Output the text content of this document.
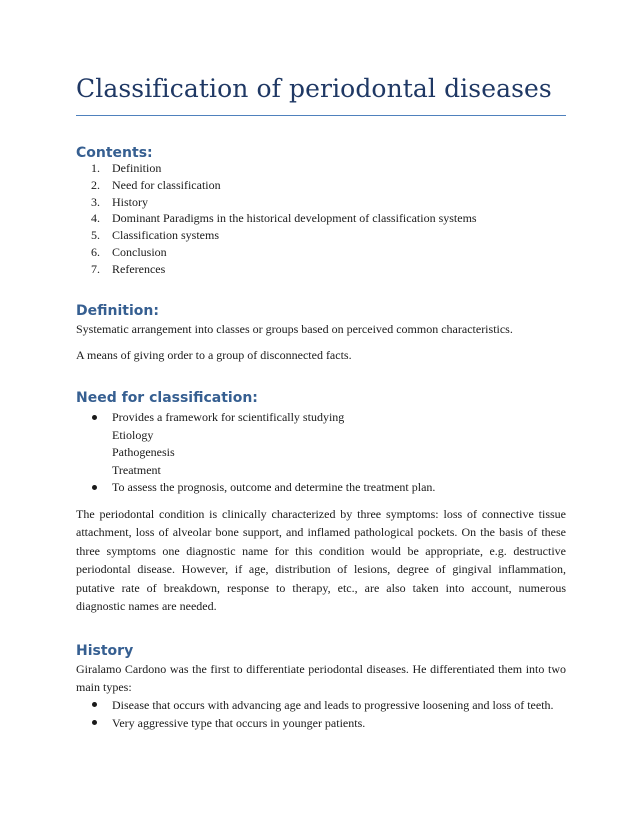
Classification of periodontal diseases
Contents:
1. Definition
2. Need for classification
3. History
4. Dominant Paradigms in the historical development of classification systems
5. Classification systems
6. Conclusion
7. References
Definition:
Systematic arrangement into classes or groups based on perceived common characteristics.
A means of giving order to a group of disconnected facts.
Need for classification:
Provides a framework for scientifically studying
Etiology
Pathogenesis
Treatment
To assess the prognosis, outcome and determine the treatment plan.
The periodontal condition is clinically characterized by three symptoms: loss of connective tissue attachment, loss of alveolar bone support, and inflamed pathological pockets. On the basis of these three symptoms one diagnostic name for this condition would be appropriate, e.g. destructive periodontal disease. However, if age, distribution of lesions, degree of gingival inflammation, putative rate of breakdown, response to therapy, etc., are also taken into account, numerous diagnostic names are needed.
History
Giralamo Cardono was the first to differentiate periodontal diseases. He differentiated them into two main types:
Disease that occurs with advancing age and leads to progressive loosening and loss of teeth.
Very aggressive type that occurs in younger patients.
